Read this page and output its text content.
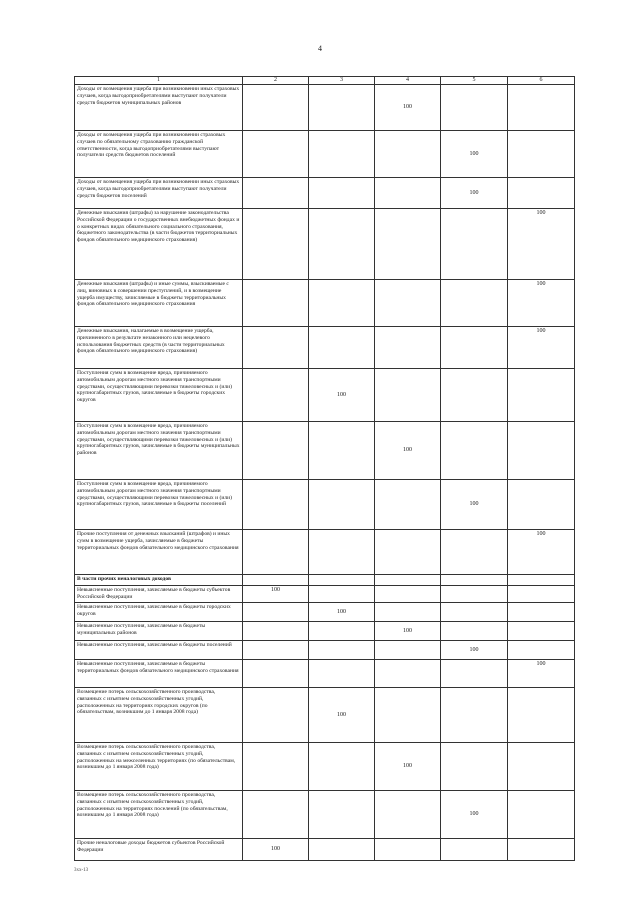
4
1	2	3	4	5	6
Доходы от возмещения ущерба при возникновении иных страховых случаев, когда выгодоприобретателями выступают получатели средств бюджетов муниципальных районов			100		
Доходы от возмещения ущерба при возникновении страховых случаев по обязательному страхованию гражданской ответственности, когда выгодоприобретателями выступают получатели средств бюджетов поселений				100	
Доходы от возмещения ущерба при возникновении иных страховых случаев, когда выгодоприобретателями выступают получатели средств бюджетов поселений				100	
Денежные взыскания (штрафы) за нарушение законодательства Российской Федерации о государственных внебюджетных фондах и о конкретных видах обязательного социального страхования, бюджетного законодательства (в части бюджетов территориальных фондов обязательного медицинского страхования)					100
Денежные взыскания (штрафы) и иные суммы, взыскиваемые с лиц, виновных в совершении преступлений, и в возмещение ущерба имуществу, зачисляемые в бюджеты территориальных фондов обязательного медицинского страхования					100
Денежные взыскания, налагаемые в возмещение ущерба, причиненного в результате незаконного или нецелевого использования бюджетных средств (в части территориальных фондов обязательного медицинского страхования)					100
Поступления сумм в возмещение вреда, причиняемого автомобильным дорогам местного значения транспортными средствами, осуществляющими перевозки тяжеловесных и (или) крупногабаритных грузов, зачисляемые в бюджеты городских округов		100			
Поступления сумм в возмещение вреда, причиняемого автомобильным дорогам местного значения транспортными средствами, осуществляющими перевозки тяжеловесных и (или) крупногабаритных грузов, зачисляемые в бюджеты муниципальных районов			100		
Поступления сумм в возмещение вреда, причиняемого автомобильным дорогам местного значения транспортными средствами, осуществляющими перевозки тяжеловесных и (или) крупногабаритных грузов, зачисляемые в бюджеты поселений				100	
Прочие поступления от денежных взысканий (штрафов) и иных сумм в возмещение ущерба, зачисляемые в бюджеты территориальных фондов обязательного медицинского страхования					100
В части прочих неналоговых доходов					
Невыясненные поступления, зачисляемые в бюджеты субъектов Российской Федерации	100				
Невыясненные поступления, зачисляемые в бюджеты городских округов		100			
Невыясненные поступления, зачисляемые в бюджеты муниципальных районов			100		
Невыясненные поступления, зачисляемые в бюджеты поселений				100	
Невыясненные поступления, зачисляемые в бюджеты территориальных фондов обязательного медицинского страхования					100
Возмещение потерь сельскохозяйственного производства, связанных с изъятием сельскохозяйственных угодий, расположенных на территориях городских округов (по обязательствам, возникшим до 1 января 2008 года)		100			
Возмещение потерь сельскохозяйственного производства, связанных с изъятием сельскохозяйственных угодий, расположенных на межселенных территориях (по обязательствам, возникшим до 1 января 2008 года)			100		
Возмещение потерь сельскохозяйственного производства, связанных с изъятием сельскохозяйственных угодий, расположенных на территориях поселений (по обязательствам, возникшим до 1 января 2008 года)				100	
Прочие неналоговые доходы бюджетов субъектов Российской Федерации	100				
3хх-13
